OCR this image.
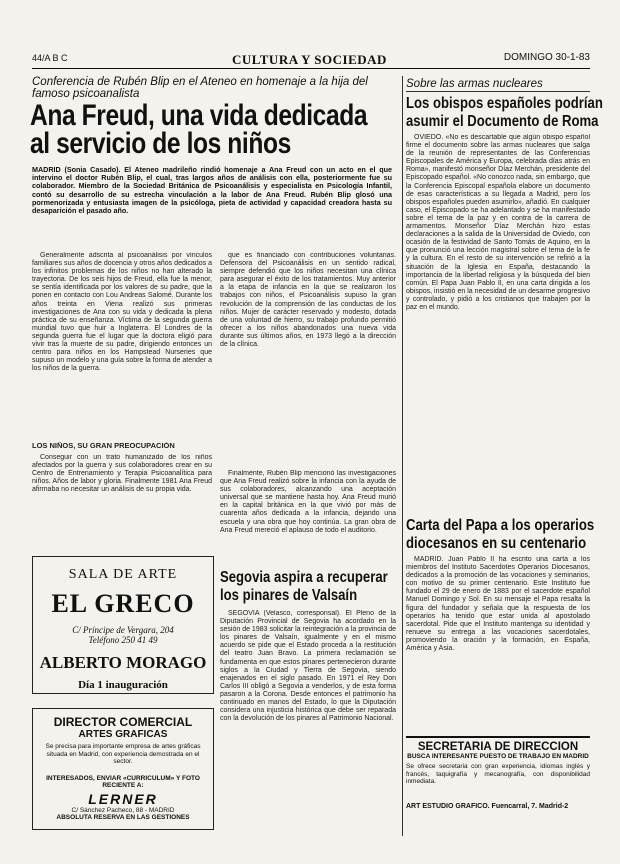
44/A B C	CULTURA Y SOCIEDAD	DOMINGO 30-1-83
Conferencia de Rubén Blip en el Ateneo en homenaje a la hija del famoso psicoanalista
Ana Freud, una vida dedicada
al servicio de los niños
MADRID (Sonia Casado). El Ateneo madrileño rindió homenaje a Ana Freud con un acto en el que intervino el doctor Rubén Blip, el cual, tras largos años de análisis con ella, posteriormente fue su colaborador. Miembro de la Sociedad Británica de Psicoanálisis y especialista en Psicología Infantil, contó su desarrollo de su estrecha vinculación a la labor de Ana Freud. Rubén Blip glosó una pormenorizada y entusiasta imagen de la psicóloga, pieta de actividad y capacidad creadora hasta su desaparición el pasado año.

Generalmente adscrita al psicoanálisis por vínculos familiares sus años de docencia y otros años dedicados a los infinitos problemas de los niños no han alterado la trayectoria. De los seis hijos de Freud, ella fue la menor, se sentía identificada por los valores de su padre, que la ponen en contacto con Lou Andreas Salomé. Durante los años treinta en Viena realizó sus primeras investigaciones de Ana con su vida y dedicada la plena práctica de su enseñanza. Víctima de la segunda guerra mundial tuvo que huir a Inglaterra. El Londres de la segunda guerra fue el lugar que la doctora eligió para vivir tras la muerte de su padre, dirigiendo entonces un centro para niños en los Hampstead Nurseries que supuso un modelo y una guía sobre la forma de atender a los niños de la guerra.

LOS NIÑOS, SU GRAN PREOCUPACIÓN

Conseguir con un trato humanizado de los niños afectados por la guerra y sus colaboradores crear en su Centro de Entrenamiento y Terapia Psicoanalítica para niños. Años de labor y gloria. Finalmente 1981 Ana Freud afirmaba no necesitar un análisis de su propia vida.

que es financiado con contribuciones voluntarias. Defensora del Psicoanálisis en un sentido radical, siempre defendió que los niños necesitan una clínica para asegurar el éxito de los tratamientos. Muy anterior a la etapa de infancia en la que se realizaron los trabajos con niños, el Psicoanálisis supuso la gran revolución de la comprensión de las conductas de los niños. Mujer de carácter reservado y modesto, dotada de una voluntad de hierro, su trabajo profundo permitió ofrecer a los niños abandonados una nueva vida durante sus últimos años, en 1973 llegó a la dirección de la clínica.

Finalmente, Rubén Blip mencionó las investigaciones que Ana Freud realizó sobre la infancia con la ayuda de sus colaboradores, alcanzando una aceptación universal que se mantiene hasta hoy. Ana Freud murió en la capital británica en la que vivió por más de cuarenta años dedicada a la infancia, dejando una escuela y una obra que hoy continúa. La gran obra de Ana Freud mereció el aplauso de todo el auditorio.

Segovia aspira a recuperar
los pinares de Valsaín

SEGOVIA (Velasco, corresponsal). El Pleno de la Diputación Provincial de Segovia ha acordado en la sesión de 1983 solicitar la reintegración a la provincia de los pinares de Valsaín, igualmente y en el mismo acuerdo se pide que el Estado proceda a la restitución del teatro Juan Bravo. La primera reclamación se fundamenta en que estos pinares pertenecieron durante siglos a la Ciudad y Tierra de Segovia, siendo enajenados en el siglo pasado. En 1971 el Rey Don Carlos III obligó a Segovia a venderlos, y de esta forma pasaron a la Corona. Desde entonces el patrimonio ha continuado en manos del Estado, lo que la Diputación considera una injusticia histórica que debe ser reparada con la devolución de los pinares al Patrimonio Nacional.

SALA DE ARTE
EL GRECO
C/ Príncipe de Vergara, 204
Teléfono 250 41 49
ALBERTO MORAGO
Día 1 inauguración
DIRECTOR COMERCIAL
ARTES GRAFICAS
Se precisa para importante empresa de artes gráficas situada en Madrid, con experiencia demostrada en el sector.
INTERESADOS, ENVIAR «CURRICULUM» Y FOTO RECIENTE A:
LERNER
C/ Sánchez Pacheco, 88 - MADRID
ABSOLUTA RESERVA EN LAS GESTIONES
Sobre las armas nucleares
Los obispos españoles podrían
asumir el Documento de Roma

OVIEDO. «No es descartable que algún obispo español firme el documento sobre las armas nucleares que salga de la reunión de representantes de las Conferencias Episcopales de América y Europa, celebrada días atrás en Roma», manifestó monseñor Díaz Merchán, presidente del Episcopado español. «No conozco nada, sin embargo, que la Conferencia Episcopal española elabore un documento de esas características a su llegada a Madrid, pero los obispos españoles pueden asumirlo», añadió. En cualquier caso, el Episcopado se ha adelantado y se ha manifestado sobre el tema de la paz y en contra de la carrera de armamentos. Monseñor Díaz Merchán hizo estas declaraciones a la salida de la Universidad de Oviedo, con ocasión de la festividad de Santo Tomás de Aquino, en la que pronunció una lección magistral sobre el tema de la fe y la cultura. En el resto de su intervención se refirió a la situación de la Iglesia en España, destacando la importancia de la libertad religiosa y la búsqueda del bien común. El Papa Juan Pablo II, en una carta dirigida a los obispos, insistió en la necesidad de un desarme progresivo y controlado, y pidió a los cristianos que trabajen por la paz en el mundo.

Carta del Papa a los operarios
diocesanos en su centenario

MADRID. Juan Pablo II ha escrito una carta a los miembros del Instituto Sacerdotes Operarios Diocesanos, dedicados a la promoción de las vocaciones y seminarios, con motivo de su primer centenario. Este Instituto fue fundado el 29 de enero de 1883 por el sacerdote español Manuel Domingo y Sol. En su mensaje el Papa resalta la figura del fundador y señala que la respuesta de los operarios ha tenido que estar unida al apostolado sacerdotal. Pide que el Instituto mantenga su identidad y renueve su entrega a las vocaciones sacerdotales, promoviendo la oración y la formación, en España, América y Asia.

SECRETARIA DE DIRECCION
BUSCA INTERESANTE PUESTO DE TRABAJO EN MADRID
Se ofrece secretaria con gran experiencia, idiomas inglés y francés, taquigrafía y mecanografía, con disponibilidad inmediata.
ART ESTUDIO GRAFICO. Fuencarral, 7. Madrid-2
